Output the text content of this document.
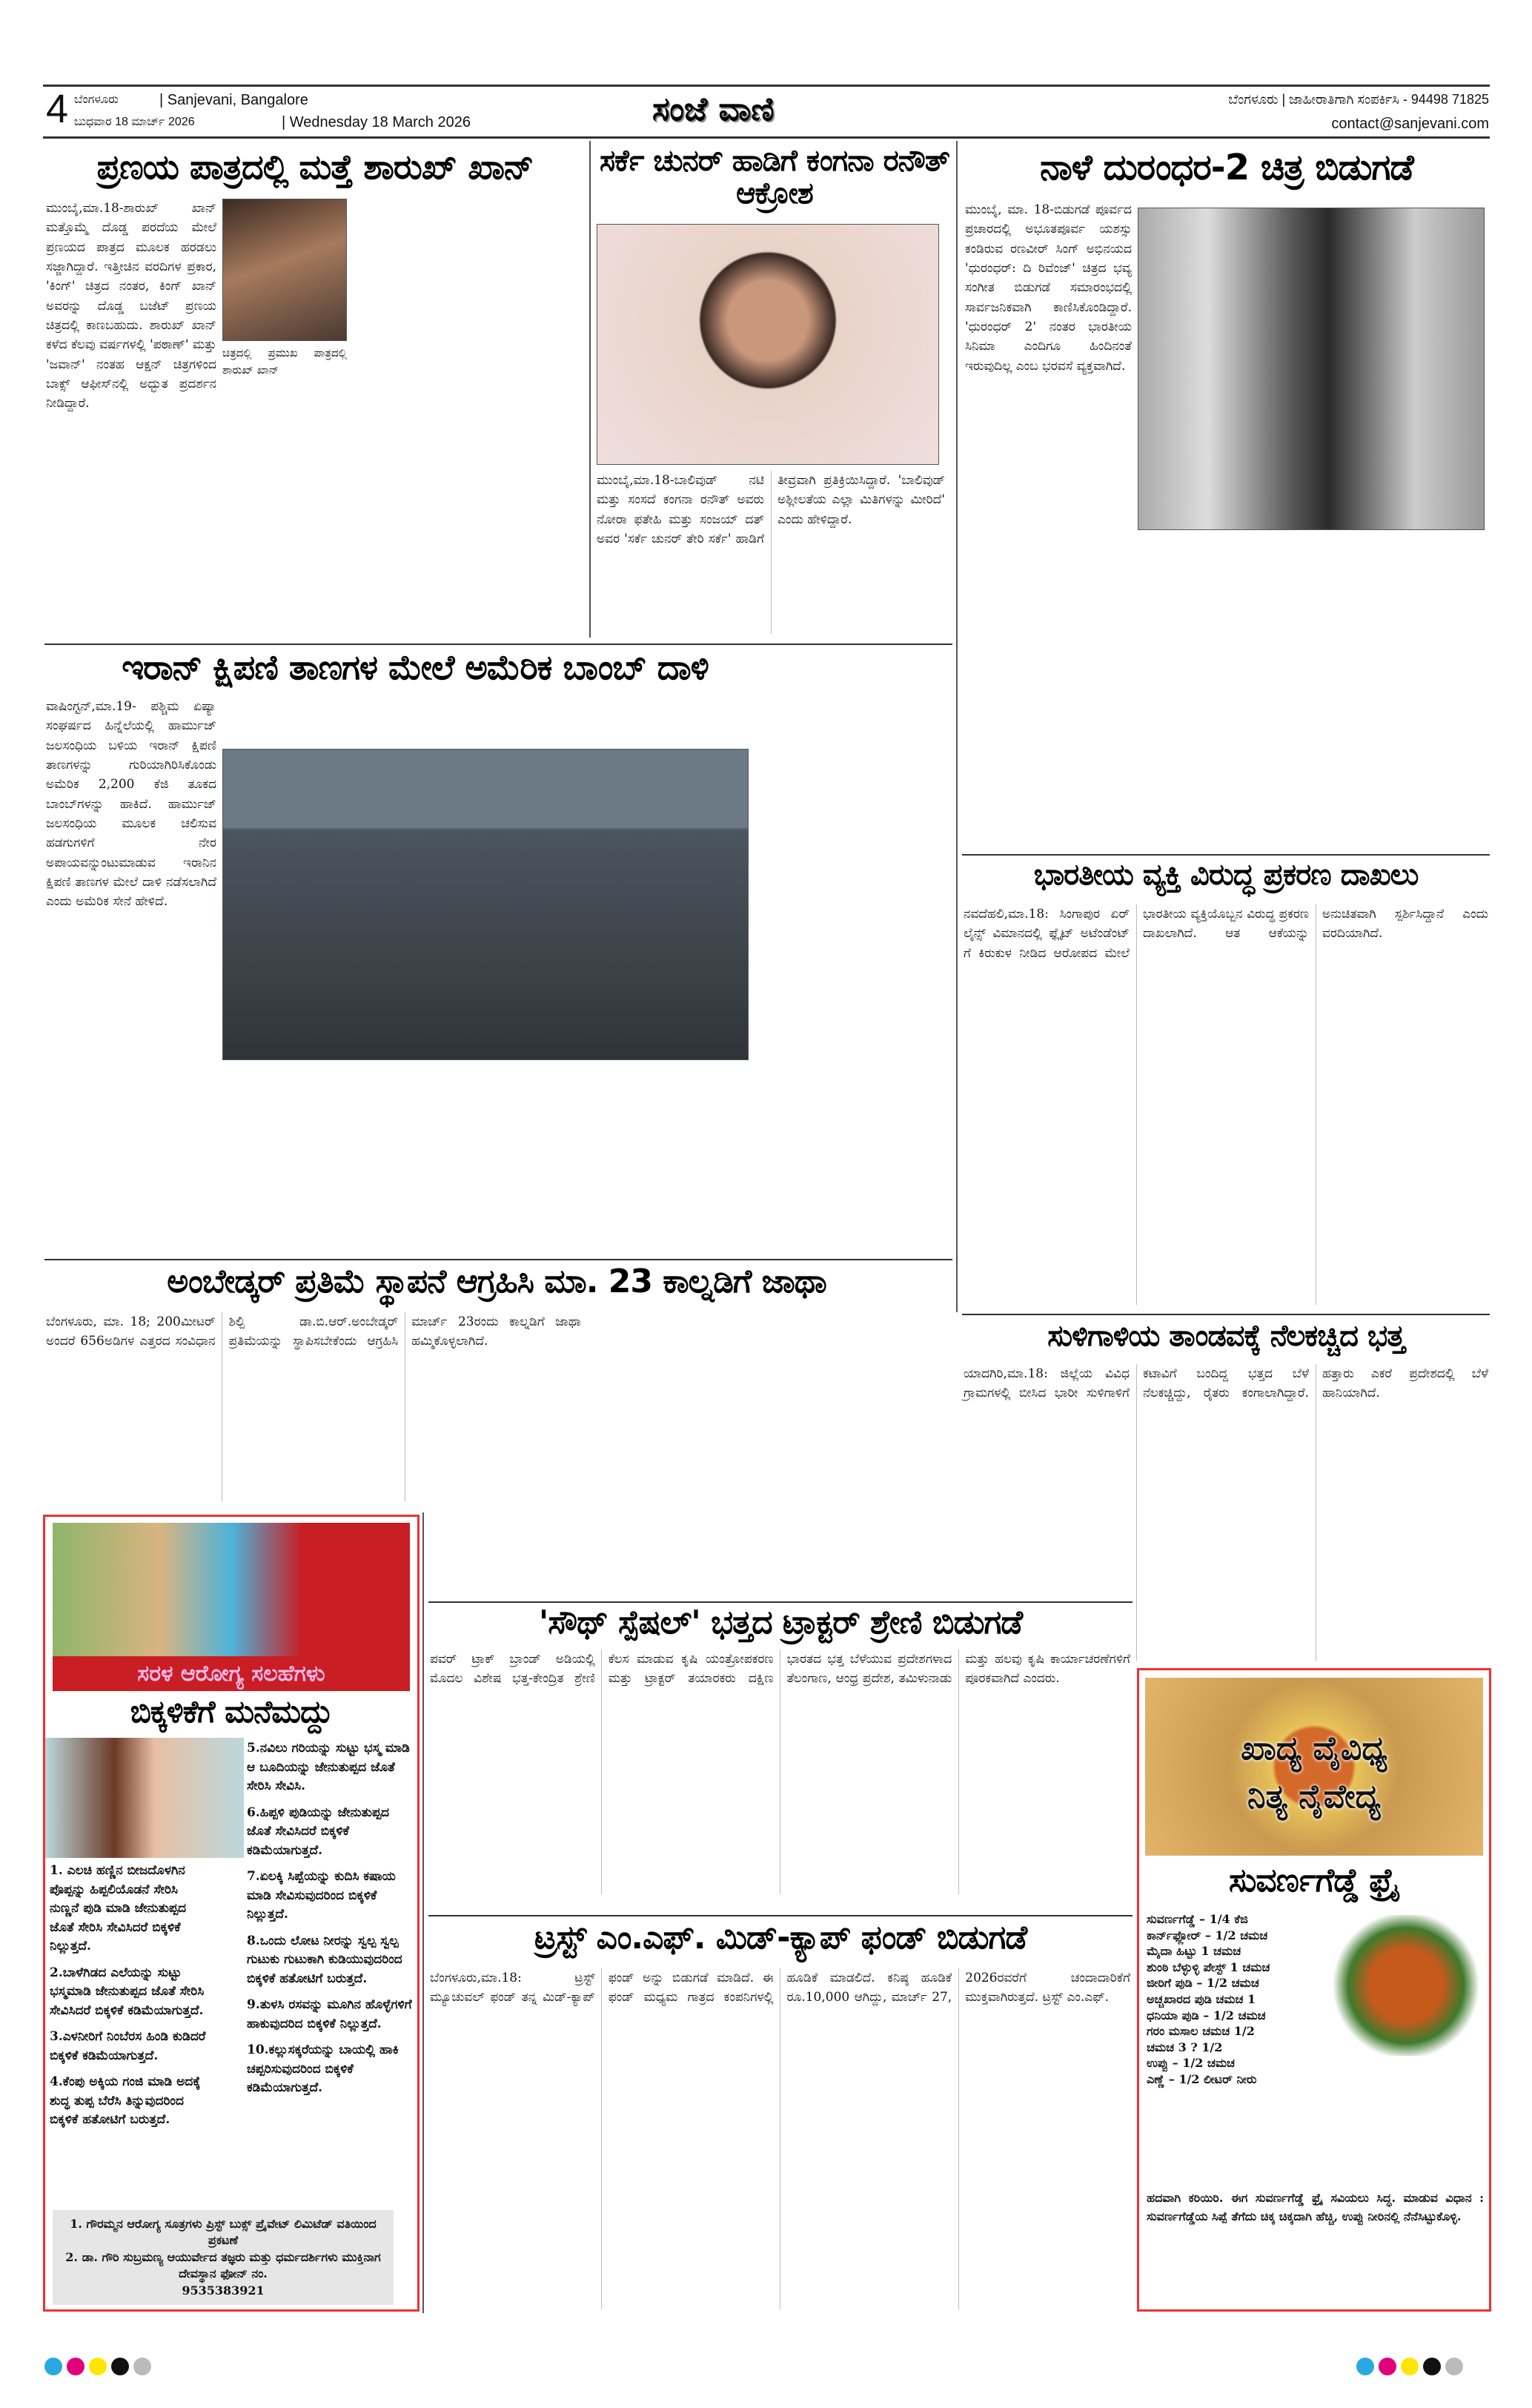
4 ಬೆಂಗಳೂರು	| Sanjevani, Bangalore
ಬುಧವಾರ 18 ಮಾರ್ಚ್ 2026	| Wednesday 18 March 2026	ಸಂಜೆ ವಾಣಿ	ಬೆಂಗಳೂರು | ಜಾಹೀರಾತಿಗಾಗಿ ಸಂಪರ್ಕಿಸಿ - 94498 71825
contact@sanjevani.com
ಪ್ರಣಯ ಪಾತ್ರದಲ್ಲಿ ಮತ್ತೆ ಶಾರುಖ್ ಖಾನ್
ಚಿತ್ರದಲ್ಲಿ ಪ್ರಮುಖ ಪಾತ್ರದಲ್ಲಿ ಶಾರುಖ್ ಖಾನ್
ಮುಂಬೈ,ಮಾ.18-ಶಾರುಖ್ ಖಾನ್ ಮತ್ತೊಮ್ಮೆ ದೊಡ್ಡ ಪರದೆಯ ಮೇಲೆ ಪ್ರಣಯದ ಪಾತ್ರದ ಮೂಲಕ ಹರಡಲು ಸಜ್ಜಾಗಿದ್ದಾರೆ. ಇತ್ತೀಚಿನ ವರದಿಗಳ ಪ್ರಕಾರ, 'ಕಿಂಗ್' ಚಿತ್ರದ ನಂತರ, ಕಿಂಗ್ ಖಾನ್ ಅವರನ್ನು ದೊಡ್ಡ ಬಜೆಟ್ ಪ್ರಣಯ ಚಿತ್ರದಲ್ಲಿ ಕಾಣಬಹುದು. ಶಾರುಖ್ ಖಾನ್ ಕಳೆದ ಕೆಲವು ವರ್ಷಗಳಲ್ಲಿ 'ಪಠಾಣ್' ಮತ್ತು 'ಜವಾನ್' ನಂತಹ ಆಕ್ಷನ್ ಚಿತ್ರಗಳಿಂದ ಬಾಕ್ಸ್ ಆಫೀಸ್‌ನಲ್ಲಿ ಅದ್ಭುತ ಪ್ರದರ್ಶನ ನೀಡಿದ್ದಾರೆ.
ಸರ್ಕೆ ಚುನರ್ ಹಾಡಿಗೆ ಕಂಗನಾ ರನೌತ್ ಆಕ್ರೋಶ
ಮುಂಬೈ,ಮಾ.18-ಬಾಲಿವುಡ್ ನಟಿ ಮತ್ತು ಸಂಸದೆ ಕಂಗನಾ ರನೌತ್ ಅವರು ನೋರಾ ಫತೇಹಿ ಮತ್ತು ಸಂಜಯ್ ದತ್ ಅವರ 'ಸರ್ಕೆ ಚುನರ್ ತೇರಿ ಸರ್ಕೆ' ಹಾಡಿಗೆ ತೀವ್ರವಾಗಿ ಪ್ರತಿಕ್ರಿಯಿಸಿದ್ದಾರೆ. 'ಬಾಲಿವುಡ್ ಅಶ್ಲೀಲತೆಯ ಎಲ್ಲಾ ಮಿತಿಗಳನ್ನು ಮೀರಿದೆ' ಎಂದು ಹೇಳಿದ್ದಾರೆ.
ನಾಳೆ ದುರಂಧರ-2 ಚಿತ್ರ ಬಿಡುಗಡೆ
ಮುಂಬೈ, ಮಾ. 18-ಬಿಡುಗಡೆ ಪೂರ್ವದ ಪ್ರಚಾರದಲ್ಲಿ ಅಭೂತಪೂರ್ವ ಯಶಸ್ಸು ಕಂಡಿರುವ ರಣವೀರ್ ಸಿಂಗ್ ಅಭಿನಯದ 'ಧುರಂಧರ್: ದಿ ರಿವೆಂಜ್' ಚಿತ್ರದ ಭವ್ಯ ಸಂಗೀತ ಬಿಡುಗಡೆ ಸಮಾರಂಭದಲ್ಲಿ ಸಾರ್ವಜನಿಕವಾಗಿ ಕಾಣಿಸಿಕೊಂಡಿದ್ದಾರೆ. 'ಧುರಂಧರ್ 2' ನಂತರ ಭಾರತೀಯ ಸಿನಿಮಾ ಎಂದಿಗೂ ಹಿಂದಿನಂತೆ ಇರುವುದಿಲ್ಲ ಎಂಬ ಭರವಸೆ ವ್ಯಕ್ತವಾಗಿದೆ.
ಇರಾನ್ ಕ್ಷಿಪಣಿ ತಾಣಗಳ ಮೇಲೆ ಅಮೆರಿಕ ಬಾಂಬ್ ದಾಳಿ
ವಾಷಿಂಗ್ಟನ್,ಮಾ.19- ಪಶ್ಚಿಮ ಏಷ್ಯಾ ಸಂಘರ್ಷದ ಹಿನ್ನೆಲೆಯಲ್ಲಿ ಹಾರ್ಮುಜ್ ಜಲಸಂಧಿಯ ಬಳಿಯ ಇರಾನ್ ಕ್ಷಿಪಣಿ ತಾಣಗಳನ್ನು ಗುರಿಯಾಗಿರಿಸಿಕೊಂಡು ಅಮೆರಿಕ 2,200 ಕೆಜಿ ತೂಕದ ಬಾಂಬ್‌ಗಳನ್ನು ಹಾಕಿದೆ. ಹಾರ್ಮುಜ್ ಜಲಸಂಧಿಯ ಮೂಲಕ ಚಲಿಸುವ ಹಡಗುಗಳಿಗೆ ನೇರ ಅಪಾಯವನ್ನುಂಟುಮಾಡುವ ಇರಾನಿನ ಕ್ಷಿಪಣಿ ತಾಣಗಳ ಮೇಲೆ ದಾಳಿ ನಡೆಸಲಾಗಿದೆ ಎಂದು ಅಮೆರಿಕ ಸೇನೆ ಹೇಳಿದೆ.
ಭಾರತೀಯ ವ್ಯಕ್ತಿ ವಿರುದ್ಧ ಪ್ರಕರಣ ದಾಖಲು
ನವದೆಹಲಿ,ಮಾ.18: ಸಿಂಗಾಪುರ ಏರ್ ಲೈನ್ಸ್ ವಿಮಾನದಲ್ಲಿ ಫ್ಲೈಟ್ ಅಟೆಂಡೆಂಟ್ ಗೆ ಕಿರುಕುಳ ನೀಡಿದ ಆರೋಪದ ಮೇಲೆ ಭಾರತೀಯ ವ್ಯಕ್ತಿಯೊಬ್ಬನ ವಿರುದ್ಧ ಪ್ರಕರಣ ದಾಖಲಾಗಿದೆ. ಆತ ಆಕೆಯನ್ನು ಅನುಚಿತವಾಗಿ ಸ್ಪರ್ಶಿಸಿದ್ದಾನೆ ಎಂದು ವರದಿಯಾಗಿದೆ.
ಅಂಬೇಡ್ಕರ್ ಪ್ರತಿಮೆ ಸ್ಥಾಪನೆ ಆಗ್ರಹಿಸಿ ಮಾ. 23 ಕಾಲ್ನಡಿಗೆ ಜಾಥಾ
ಬೆಂಗಳೂರು, ಮಾ. 18; 200ಮೀಟರ್ ಅಂದರೆ 656ಅಡಿಗಳ ಎತ್ತರದ ಸಂವಿಧಾನ ಶಿಲ್ಪಿ ಡಾ.ಬಿ.ಆರ್.ಅಂಬೇಡ್ಕರ್ ಪ್ರತಿಮೆಯನ್ನು ಸ್ಥಾಪಿಸಬೇಕೆಂದು ಆಗ್ರಹಿಸಿ ಮಾರ್ಚ್ 23ರಂದು ಕಾಲ್ನಡಿಗೆ ಜಾಥಾ ಹಮ್ಮಿಕೊಳ್ಳಲಾಗಿದೆ.	ಸುಳಿಗಾಳಿಯ ತಾಂಡವಕ್ಕೆ ನೆಲಕಚ್ಚಿದ ಭತ್ತ
ಯಾದಗಿರಿ,ಮಾ.18: ಜಿಲ್ಲೆಯ ವಿವಿಧ ಗ್ರಾಮಗಳಲ್ಲಿ ಬೀಸಿದ ಭಾರೀ ಸುಳಿಗಾಳಿಗೆ ಕಟಾವಿಗೆ ಬಂದಿದ್ದ ಭತ್ತದ ಬೆಳೆ ನೆಲಕಚ್ಚಿದ್ದು, ರೈತರು ಕಂಗಾಲಾಗಿದ್ದಾರೆ. ಹತ್ತಾರು ಎಕರೆ ಪ್ರದೇಶದಲ್ಲಿ ಬೆಳೆ ಹಾನಿಯಾಗಿದೆ.
ಸರಳ ಆರೋಗ್ಯ ಸಲಹೆಗಳು
ಬಿಕ್ಕಳಿಕೆಗೆ ಮನೆಮದ್ದು
1. ಎಲಚಿ ಹಣ್ಣಿನ ಬೀಜದೊಳಗಿನ ಪೊಪ್ಪನ್ನು ಹಿಪ್ಪಲಿಯೊಡನೆ ಸೇರಿಸಿ ನುಣ್ಣನೆ ಪುಡಿ ಮಾಡಿ ಜೇನುತುಪ್ಪದ ಜೊತೆ ಸೇರಿಸಿ ಸೇವಿಸಿದರೆ ಬಿಕ್ಕಳಿಕೆ ನಿಲ್ಲುತ್ತದೆ.
2.ಬಾಳೆಗಿಡದ ಎಲೆಯನ್ನು ಸುಟ್ಟು ಭಸ್ಮಮಾಡಿ ಜೇನುತುಪ್ಪದ ಜೊತೆ ಸೇರಿಸಿ ಸೇವಿಸಿದರೆ ಬಿಕ್ಕಳಿಕೆ ಕಡಿಮೆಯಾಗುತ್ತದೆ.
3.ಎಳನೀರಿಗೆ ನಿಂಬೆರಸ ಹಿಂಡಿ ಕುಡಿದರೆ ಬಿಕ್ಕಳಿಕೆ ಕಡಿಮೆಯಾಗುತ್ತದೆ.
4.ಕೆಂಪು ಅಕ್ಕಿಯ ಗಂಜಿ ಮಾಡಿ ಅದಕ್ಕೆ ಶುದ್ಧ ತುಪ್ಪ ಬೆರೆಸಿ ತಿನ್ನುವುದರಿಂದ ಬಿಕ್ಕಳಿಕೆ ಹತೋಟಿಗೆ ಬರುತ್ತದೆ.
5.ನವಿಲು ಗರಿಯನ್ನು ಸುಟ್ಟು ಭಸ್ಮ ಮಾಡಿ ಆ ಬೂದಿಯನ್ನು ಜೇನುತುಪ್ಪದ ಜೊತೆ ಸೇರಿಸಿ ಸೇವಿಸಿ.
6.ಹಿಪ್ಪಳಿ ಪುಡಿಯನ್ನು ಜೇನುತುಪ್ಪದ ಜೊತೆ ಸೇವಿಸಿದರೆ ಬಿಕ್ಕಳಿಕೆ ಕಡಿಮೆಯಾಗುತ್ತದೆ.
7.ಏಲಕ್ಕಿ ಸಿಪ್ಪೆಯನ್ನು ಕುದಿಸಿ ಕಷಾಯ ಮಾಡಿ ಸೇವಿಸುವುದರಿಂದ ಬಿಕ್ಕಳಿಕೆ ನಿಲ್ಲುತ್ತದೆ.
8.ಒಂದು ಲೋಟ ನೀರನ್ನು ಸ್ವಲ್ಪ ಸ್ವಲ್ಪ ಗುಟುಕು ಗುಟುಕಾಗಿ ಕುಡಿಯುವುದರಿಂದ ಬಿಕ್ಕಳಿಕೆ ಹತೋಟಿಗೆ ಬರುತ್ತದೆ.
9.ತುಳಸಿ ರಸವನ್ನು ಮೂಗಿನ ಹೊಳ್ಳೆಗಳಿಗೆ ಹಾಕುವುದರಿದ ಬಿಕ್ಕಳಿಕೆ ನಿಲ್ಲುತ್ತದೆ.
10.ಕಲ್ಲುಸಕ್ಕರೆಯನ್ನು ಬಾಯಲ್ಲಿ ಹಾಕಿ ಚಪ್ಪರಿಸುವುದರಿಂದ ಬಿಕ್ಕಳಿಕೆ ಕಡಿಮೆಯಾಗುತ್ತದೆ.
1. ಗೌರಮ್ಮನ ಆರೋಗ್ಯ ಸೂತ್ರಗಳು ಪ್ರಿಸ್ಟ್ ಬುಕ್ಸ್ ಪ್ರೈವೇಟ್ ಲಿಮಿಟೆಡ್ ವತಿಯಿಂದ ಪ್ರಕಟಣೆ
2. ಡಾ. ಗೌರಿ ಸುಬ್ರಮಣ್ಯ ಆಯುರ್ವೇದ ತಜ್ಞರು ಮತ್ತು ಧರ್ಮದರ್ಶಿಗಳು ಮುಕ್ತಿನಾಗ ದೇವಸ್ಥಾನ ಫೋನ್ ನಂ.
9535383921
'ಸೌಥ್ ಸ್ಪೆಷಲ್' ಭತ್ತದ ಟ್ರಾಕ್ಟರ್ ಶ್ರೇಣಿ ಬಿಡುಗಡೆ
ಪವರ್ ಟ್ರಾಕ್ ಬ್ರಾಂಡ್ ಅಡಿಯಲ್ಲಿ ಮೊದಲ ವಿಶೇಷ ಭತ್ತ-ಕೇಂದ್ರಿತ ಶ್ರೇಣಿ ಕೆಲಸ ಮಾಡುವ ಕೃಷಿ ಯಂತ್ರೋಪಕರಣ ಮತ್ತು ಟ್ರಾಕ್ಟರ್ ತಯಾರಕರು ದಕ್ಷಿಣ ಭಾರತದ ಭತ್ತ ಬೆಳೆಯುವ ಪ್ರದೇಶಗಳಾದ ತೆಲಂಗಾಣ, ಆಂಧ್ರ ಪ್ರದೇಶ, ತಮಿಳುನಾಡು ಮತ್ತು ಹಲವು ಕೃಷಿ ಕಾರ್ಯಾಚರಣೆಗಳಿಗೆ ಪೂರಕವಾಗಿದೆ ಎಂದರು.
ಟ್ರಸ್ಟ್ ಎಂ.ಎಫ್. ಮಿಡ್-ಕ್ಯಾಪ್ ಫಂಡ್ ಬಿಡುಗಡೆ
ಬೆಂಗಳೂರು,ಮಾ.18: ಟ್ರಸ್ಟ್ ಮ್ಯೂಚುವಲ್ ಫಂಡ್ ತನ್ನ ಮಿಡ್-ಕ್ಯಾಪ್ ಫಂಡ್ ಅನ್ನು ಬಿಡುಗಡೆ ಮಾಡಿದೆ. ಈ ಫಂಡ್ ಮಧ್ಯಮ ಗಾತ್ರದ ಕಂಪನಿಗಳಲ್ಲಿ ಹೂಡಿಕೆ ಮಾಡಲಿದೆ. ಕನಿಷ್ಠ ಹೂಡಿಕೆ ರೂ.10,000 ಆಗಿದ್ದು, ಮಾರ್ಚ್ 27, 2026ರವರೆಗೆ ಚಂದಾದಾರಿಕೆಗೆ ಮುಕ್ತವಾಗಿರುತ್ತದೆ. ಟ್ರಸ್ಟ್ ಎಂ.ಎಫ್.
ಖಾದ್ಯ ವೈವಿಧ್ಯ
ನಿತ್ಯ ನೈವೇದ್ಯ
ಸುವರ್ಣಗೆಡ್ಡೆ ಫ್ರೈ
ಸುವರ್ಣಗೆಡ್ಡೆ – 1/4 ಕೆಜಿ
ಕಾರ್ನ್‌ಫ್ಲೋರ್ – 1/2 ಚಮಚ
ಮೈದಾ ಹಿಟ್ಟು 1 ಚಮಚ
ಶುಂಠಿ ಬೆಳ್ಳುಳ್ಳಿ ಪೇಸ್ಟ್ 1 ಚಮಚ
ಜೀರಿಗೆ ಪುಡಿ – 1/2 ಚಮಚ
ಅಚ್ಚಖಾರದ ಪುಡಿ ಚಮಚ 1
ಧನಿಯಾ ಪುಡಿ – 1/2 ಚಮಚ
ಗರಂ ಮಸಾಲ ಚಮಚ 1/2
ಚಮಚ 3 ? 1/2
ಉಪ್ಪು – 1/2 ಚಮಚ
ಎಣ್ಣೆ – 1/2 ಲೀಟರ್ ನೀರು
ಹದವಾಗಿ ಕರಿಯಿರಿ. ಈಗ ಸುವರ್ಣಗೆಡ್ಡೆ ಫ್ರೈ ಸವಿಯಲು ಸಿದ್ಧ. ಮಾಡುವ ವಿಧಾನ : ಸುವರ್ಣಗೆಡ್ಡೆಯ ಸಿಪ್ಪೆ ತೆಗೆದು ಚಿಕ್ಕ ಚಿಕ್ಕದಾಗಿ ಹೆಚ್ಚಿ, ಉಪ್ಪು ನೀರಿನಲ್ಲಿ ನೆನೆಸಿಟ್ಟುಕೊಳ್ಳಿ.
